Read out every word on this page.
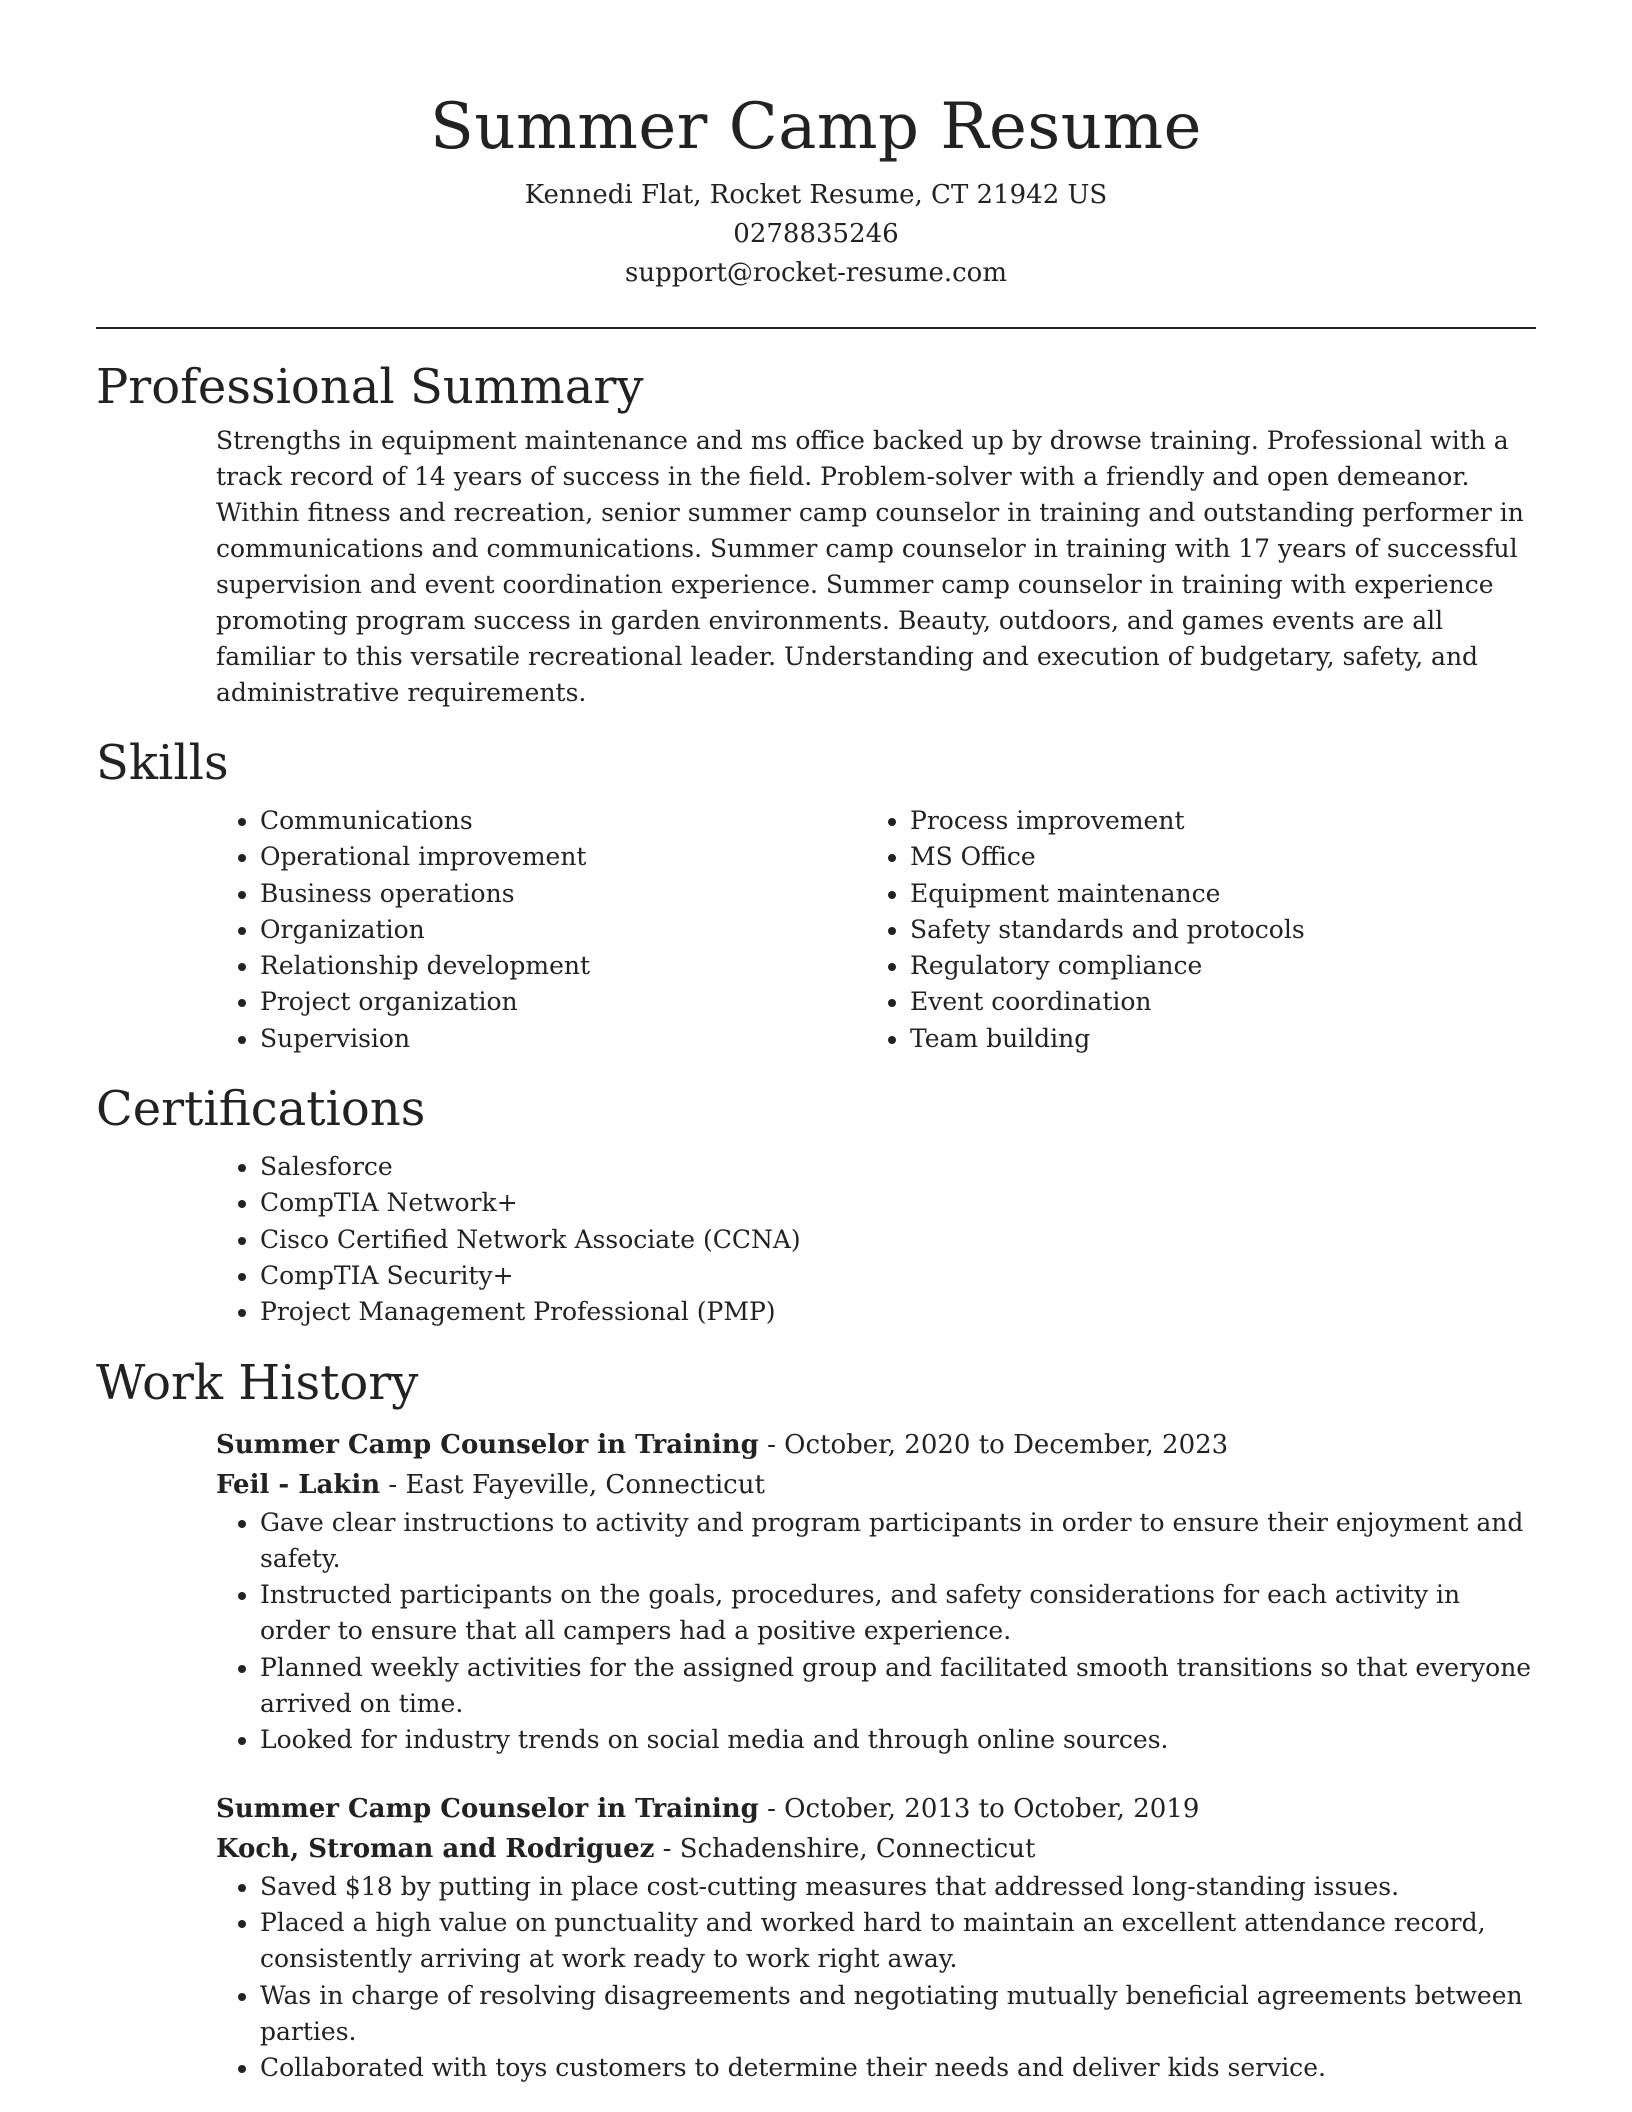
Summer Camp Resume

Kennedi Flat, Rocket Resume, CT 21942 US

0278835246

support@rocket-resume.com

Professional Summary

Strengths in equipment maintenance and ms office backed up by drowse training. Professional with a track record of 14 years of success in the field. Problem-solver with a friendly and open demeanor. Within fitness and recreation, senior summer camp counselor in training and outstanding performer in communications and communications. Summer camp counselor in training with 17 years of successful supervision and event coordination experience. Summer camp counselor in training with experience promoting program success in garden environments. Beauty, outdoors, and games events are all familiar to this versatile recreational leader. Understanding and execution of budgetary, safety, and administrative requirements.

Skills
• Communications
• Operational improvement
• Business operations
• Organization
• Relationship development
• Project organization
• Supervision
• Process improvement
• MS Office
• Equipment maintenance
• Safety standards and protocols
• Regulatory compliance
• Event coordination
• Team building
Certifications
• Salesforce
• CompTIA Network+
• Cisco Certified Network Associate (CCNA)
• CompTIA Security+
• Project Management Professional (PMP)
Work History

Summer Camp Counselor in Training - October, 2020 to December, 2023

Feil - Lakin - East Fayeville, Connecticut

• Gave clear instructions to activity and program participants in order to ensure their enjoyment and safety.
• Instructed participants on the goals, procedures, and safety considerations for each activity in order to ensure that all campers had a positive experience.
• Planned weekly activities for the assigned group and facilitated smooth transitions so that everyone arrived on time.
• Looked for industry trends on social media and through online sources.

Summer Camp Counselor in Training - October, 2013 to October, 2019

Koch, Stroman and Rodriguez - Schadenshire, Connecticut

• Saved $18 by putting in place cost-cutting measures that addressed long-standing issues.
• Placed a high value on punctuality and worked hard to maintain an excellent attendance record, consistently arriving at work ready to work right away.
• Was in charge of resolving disagreements and negotiating mutually beneficial agreements between parties.
• Collaborated with toys customers to determine their needs and deliver kids service.
